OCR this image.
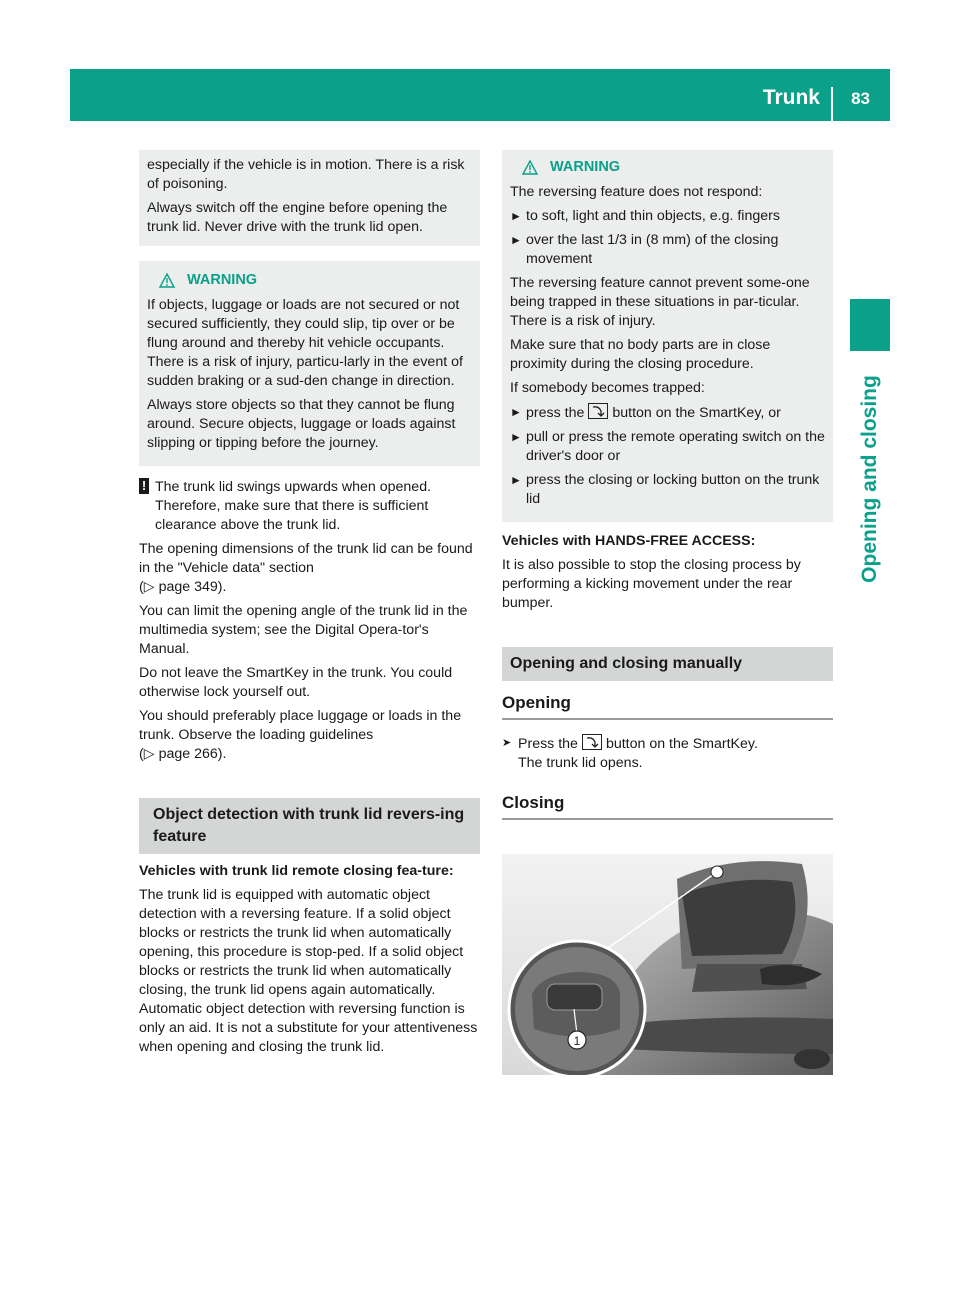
Trunk 83
Opening and closing

especially if the vehicle is in motion. There is a risk of poisoning.

Always switch off the engine before opening the trunk lid. Never drive with the trunk lid open.

WARNING

If objects, luggage or loads are not secured or not secured sufficiently, they could slip, tip over or be flung around and thereby hit vehicle occupants. There is a risk of injury, particu-larly in the event of sudden braking or a sud-den change in direction.

Always store objects so that they cannot be flung around. Secure objects, luggage or loads against slipping or tipping before the journey.

! The trunk lid swings upwards when opened. Therefore, make sure that there is sufficient clearance above the trunk lid.

The opening dimensions of the trunk lid can be found in the "Vehicle data" section

(▷ page 349).

You can limit the opening angle of the trunk lid in the multimedia system; see the Digital Opera-tor's Manual.

Do not leave the SmartKey in the trunk. You could otherwise lock yourself out.

You should preferably place luggage or loads in the trunk. Observe the loading guidelines

(▷ page 266).

Object detection with trunk lid revers-ing feature

Vehicles with trunk lid remote closing fea-ture:

The trunk lid is equipped with automatic object detection with a reversing feature. If a solid object blocks or restricts the trunk lid when automatically opening, this procedure is stop-ped. If a solid object blocks or restricts the trunk lid when automatically closing, the trunk lid opens again automatically. Automatic object detection with reversing function is only an aid. It is not a substitute for your attentiveness when opening and closing the trunk lid.

WARNING

The reversing feature does not respond:

► to soft, light and thin objects, e.g. fingers
► over the last 1/3 in (8 mm) of the closing movement

The reversing feature cannot prevent some-one being trapped in these situations in par-ticular. There is a risk of injury.

Make sure that no body parts are in close proximity during the closing procedure.

If somebody becomes trapped:

► press the button on the SmartKey, or
► pull or press the remote operating switch on the driver's door or
► press the closing or locking button on the trunk lid

Vehicles with HANDS-FREE ACCESS:

It is also possible to stop the closing process by performing a kicking movement under the rear bumper.

Opening and closing manually
Opening
➤ Press the button on the SmartKey.
The trunk lid opens.
Closing
1
